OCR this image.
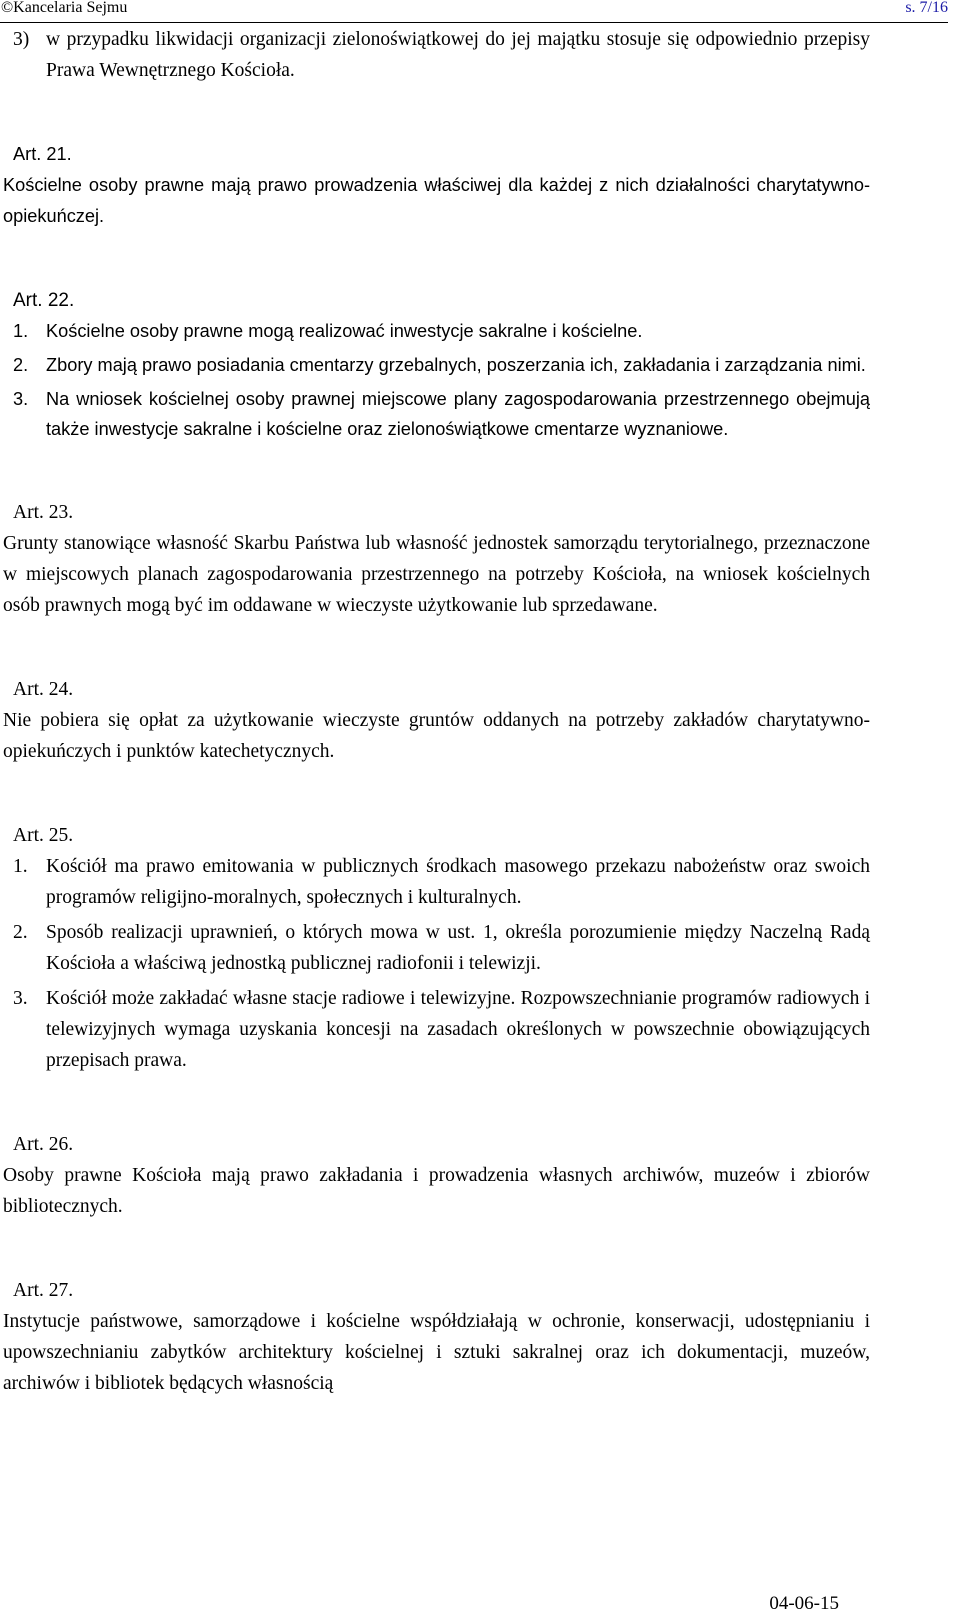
©Kancelaria Sejmu	s. 7/16
3) w przypadku likwidacji organizacji zielonoświątkowej do jej majątku stosuje się odpowiednio przepisy Prawa Wewnętrznego Kościoła.

Art. 21.

Kościelne osoby prawne mają prawo prowadzenia właściwej dla każdej z nich działalności charytatywno-opiekuńczej.

Art. 22.

1. Kościelne osoby prawne mogą realizować inwestycje sakralne i kościelne.
2. Zbory mają prawo posiadania cmentarzy grzebalnych, poszerzania ich, zakładania i zarządzania nimi.
3. Na wniosek kościelnej osoby prawnej miejscowe plany zagospodarowania przestrzennego obejmują także inwestycje sakralne i kościelne oraz zielonoświątkowe cmentarze wyznaniowe.

Art. 23.

Grunty stanowiące własność Skarbu Państwa lub własność jednostek samorządu terytorialnego, przeznaczone w miejscowych planach zagospodarowania przestrzennego na potrzeby Kościoła, na wniosek kościelnych osób prawnych mogą być im oddawane w wieczyste użytkowanie lub sprzedawane.

Art. 24.

Nie pobiera się opłat za użytkowanie wieczyste gruntów oddanych na potrzeby zakładów charytatywno-opiekuńczych i punktów katechetycznych.

Art. 25.

1. Kościół ma prawo emitowania w publicznych środkach masowego przekazu nabożeństw oraz swoich programów religijno-moralnych, społecznych i kulturalnych.
2. Sposób realizacji uprawnień, o których mowa w ust. 1, określa porozumienie między Naczelną Radą Kościoła a właściwą jednostką publicznej radiofonii i telewizji.
3. Kościół może zakładać własne stacje radiowe i telewizyjne. Rozpowszechnianie programów radiowych i telewizyjnych wymaga uzyskania koncesji na zasadach określonych w powszechnie obowiązujących przepisach prawa.

Art. 26.

Osoby prawne Kościoła mają prawo zakładania i prowadzenia własnych archiwów, muzeów i zbiorów bibliotecznych.

Art. 27.

Instytucje państwowe, samorządowe i kościelne współdziałają w ochronie, konserwacji, udostępnianiu i upowszechnianiu zabytków architektury kościelnej i sztuki sakralnej oraz ich dokumentacji, muzeów, archiwów i bibliotek będących własnością

04-06-15
